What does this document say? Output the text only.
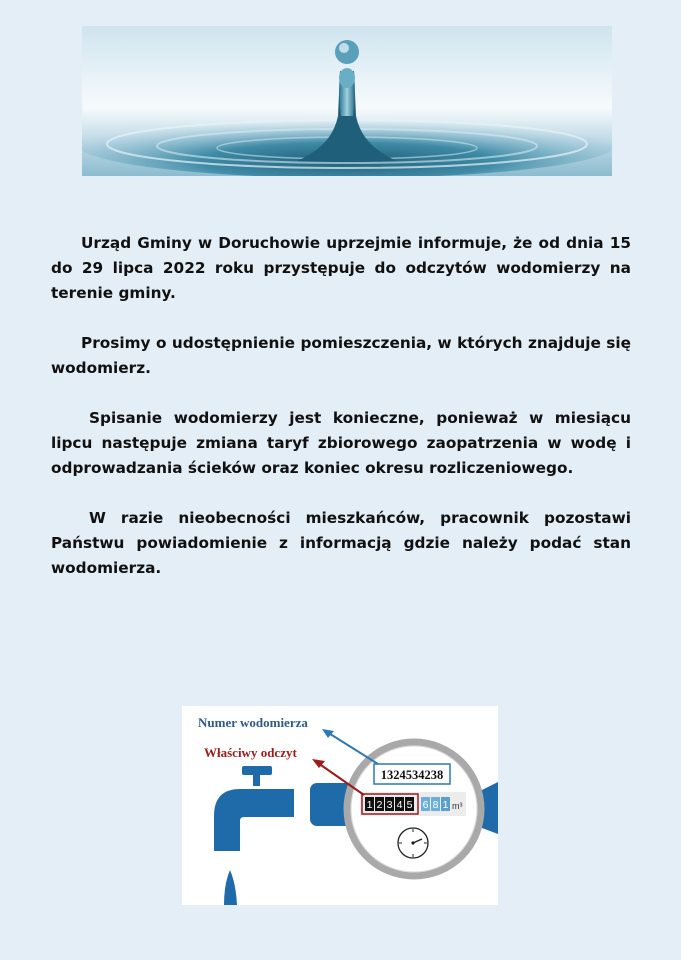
Urząd Gminy w Doruchowie uprzejmie informuje, że od dnia 15 do 29 lipca 2022 roku przystępuje do odczytów wodomierzy na terenie gminy.

Prosimy o udostępnienie pomieszczenia, w których znajduje się wodomierz.

Spisanie wodomierzy jest konieczne, ponieważ w miesiącu lipcu następuje zmiana taryf zbiorowego zaopatrzenia w wodę i odprowadzania ścieków oraz koniec okresu rozliczeniowego.

W razie nieobecności mieszkańców, pracownik pozostawi Państwu powiadomienie z informacją gdzie należy podać stan wodomierza.

1324534238
1 2 3 4 5 6 8 1 m³
Numer wodomierza
Właściwy odczyt
